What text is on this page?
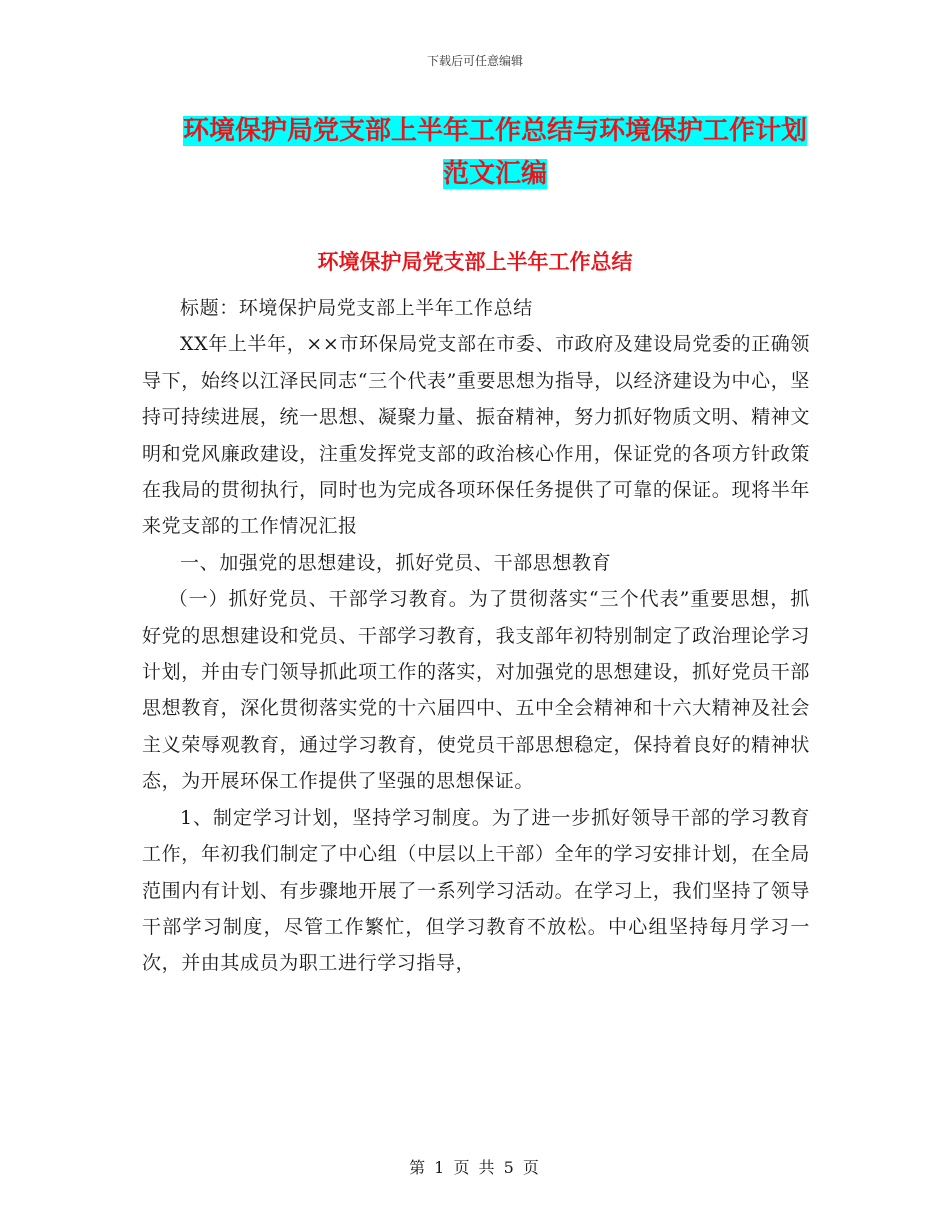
下载后可任意编辑
环境保护局党支部上半年工作总结与环境保护工作计划范文汇编
环境保护局党支部上半年工作总结

标题：环境保护局党支部上半年工作总结

XX年上半年，××市环保局党支部在市委、市政府及建设局党委的正确领导下，始终以江泽民同志“三个代表”重要思想为指导，以经济建设为中心，坚持可持续进展，统一思想、凝聚力量、振奋精神，努力抓好物质文明、精神文明和党风廉政建设，注重发挥党支部的政治核心作用，保证党的各项方针政策在我局的贯彻执行，同时也为完成各项环保任务提供了可靠的保证。现将半年来党支部的工作情况汇报

一、加强党的思想建设，抓好党员、干部思想教育

（一）抓好党员、干部学习教育。为了贯彻落实“三个代表”重要思想，抓好党的思想建设和党员、干部学习教育，我支部年初特别制定了政治理论学习计划，并由专门领导抓此项工作的落实，对加强党的思想建设，抓好党员干部思想教育，深化贯彻落实党的十六届四中、五中全会精神和十六大精神及社会主义荣辱观教育，通过学习教育，使党员干部思想稳定，保持着良好的精神状态，为开展环保工作提供了坚强的思想保证。

1、制定学习计划，坚持学习制度。为了进一步抓好领导干部的学习教育工作，年初我们制定了中心组（中层以上干部）全年的学习安排计划，在全局范围内有计划、有步骤地开展了一系列学习活动。在学习上，我们坚持了领导干部学习制度，尽管工作繁忙，但学习教育不放松。中心组坚持每月学习一次，并由其成员为职工进行学习指导，

第 1 页 共 5 页
